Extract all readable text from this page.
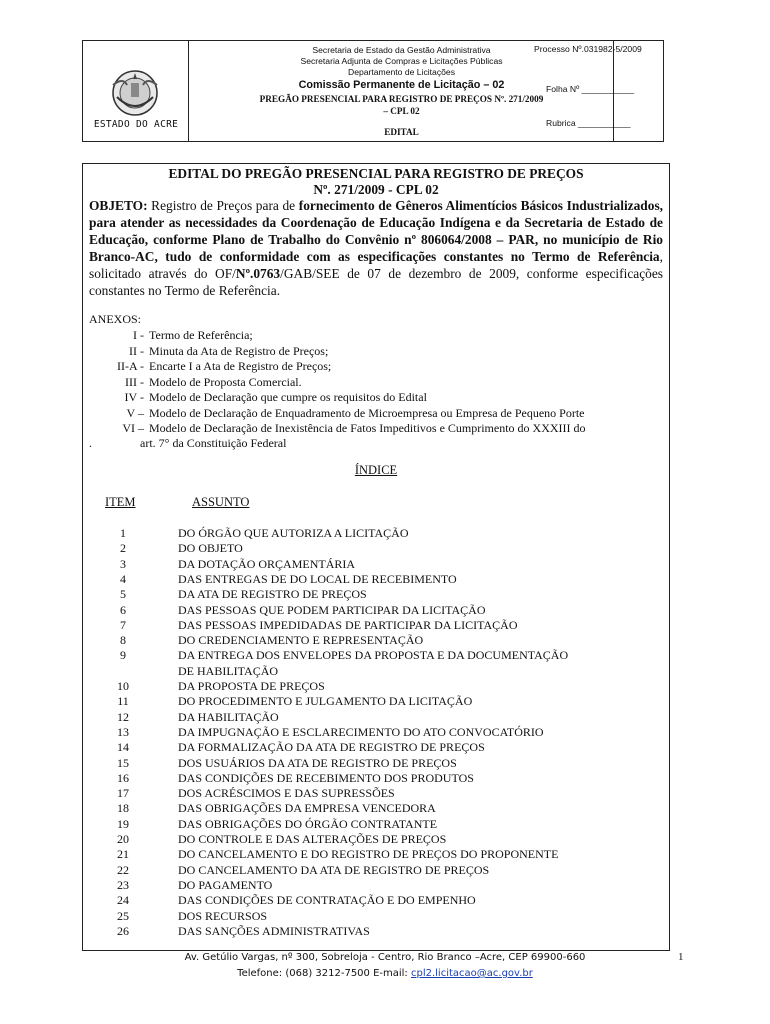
ESTADO DO ACRE
Secretaria de Estado da Gestão Administrativa
Secretaria Adjunta de Compras e Licitações Públicas
Departamento de Licitações
Comissão Permanente de Licitação – 02
PREGÃO PRESENCIAL PARA REGISTRO DE PREÇOS Nº. 271/2009
– CPL 02
EDITAL
Processo Nº.031982-5/2009
Folha Nº ___________
Rubrica ___________
EDITAL DO PREGÃO PRESENCIAL PARA REGISTRO DE PREÇOS
Nº. 271/2009 - CPL 02
OBJETO: Registro de Preços para de fornecimento de Gêneros Alimentícios Básicos Industrializados, para atender as necessidades da Coordenação de Educação Indígena e da Secretaria de Estado de Educação, conforme Plano de Trabalho do Convênio nº 806064/2008 – PAR, no município de Rio Branco-AC, tudo de conformidade com as especificações constantes no Termo de Referência, solicitado através do OF/Nº.0763/GAB/SEE de 07 de dezembro de 2009, conforme especificações constantes no Termo de Referência.
ANEXOS:
I - Termo de Referência;
II - Minuta da Ata de Registro de Preços;
II-A - Encarte I a Ata de Registro de Preços;
III - Modelo de Proposta Comercial.
IV - Modelo de Declaração que cumpre os requisitos do Edital
V – Modelo de Declaração de Enquadramento de Microempresa ou Empresa de Pequeno Porte
VI – Modelo de Declaração de Inexistência de Fatos Impeditivos e Cumprimento do XXXIII do
.	art. 7° da Constituição Federal
ÍNDICE
ITEM	ASSUNTO
1	DO ÓRGÃO QUE AUTORIZA A LICITAÇÃO
2	DO OBJETO
3	DA DOTAÇÃO ORÇAMENTÁRIA
4	DAS ENTREGAS DE DO LOCAL DE RECEBIMENTO
5	DA ATA DE REGISTRO DE PREÇOS
6	DAS PESSOAS QUE PODEM PARTICIPAR DA LICITAÇÃO
7	DAS PESSOAS IMPEDIDADAS DE PARTICIPAR DA LICITAÇÃO
8	DO CREDENCIAMENTO E REPRESENTAÇÃO
9	DA ENTREGA DOS ENVELOPES DA PROPOSTA E DA DOCUMENTAÇÃO
DE HABILITAÇÃO
10	DA PROPOSTA DE PREÇOS
11	DO PROCEDIMENTO E JULGAMENTO DA LICITAÇÃO
12	DA HABILITAÇÃO
13	DA IMPUGNAÇÃO E ESCLARECIMENTO DO ATO CONVOCATÓRIO
14	DA FORMALIZAÇÃO DA ATA DE REGISTRO DE PREÇOS
15	DOS USUÁRIOS DA ATA DE REGISTRO DE PREÇOS
16	DAS CONDIÇÕES DE RECEBIMENTO DOS PRODUTOS
17	DOS ACRÉSCIMOS E DAS SUPRESSÕES
18	DAS OBRIGAÇÕES DA EMPRESA VENCEDORA
19	DAS OBRIGAÇÕES DO ÓRGÃO CONTRATANTE
20	DO CONTROLE E DAS ALTERAÇÕES DE PREÇOS
21	DO CANCELAMENTO E DO REGISTRO DE PREÇOS DO PROPONENTE
22	DO CANCELAMENTO DA ATA DE REGISTRO DE PREÇOS
23	DO PAGAMENTO
24	DAS CONDIÇÕES DE CONTRATAÇÃO E DO EMPENHO
25	DOS RECURSOS
26	DAS SANÇÕES ADMINISTRATIVAS
1
Av. Getúlio Vargas, nº 300, Sobreloja - Centro, Rio Branco –Acre, CEP 69900-660
Telefone: (068) 3212-7500 E-mail: cpl2.licitacao@ac.gov.br
